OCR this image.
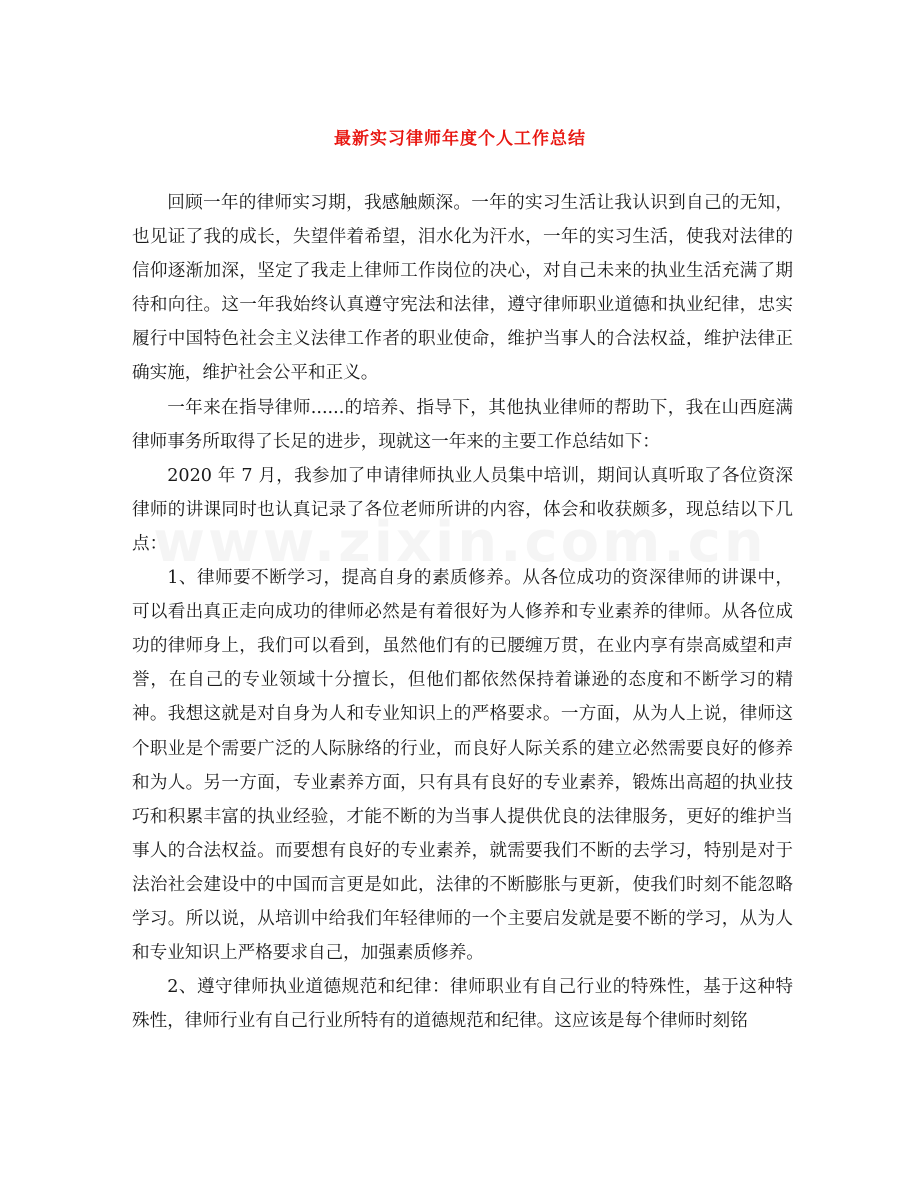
最新实习律师年度个人工作总结

回顾一年的律师实习期，我感触颇深。一年的实习生活让我认识到自己的无知，也见证了我的成长，失望伴着希望，泪水化为汗水，一年的实习生活，使我对法律的信仰逐渐加深，坚定了我走上律师工作岗位的决心，对自己未来的执业生活充满了期待和向往。这一年我始终认真遵守宪法和法律，遵守律师职业道德和执业纪律，忠实履行中国特色社会主义法律工作者的职业使命，维护当事人的合法权益，维护法律正确实施，维护社会公平和正义。

一年来在指导律师......的培养、指导下，其他执业律师的帮助下，我在山西庭满律师事务所取得了长足的进步，现就这一年来的主要工作总结如下：

2020 年 7 月，我参加了申请律师执业人员集中培训，期间认真听取了各位资深律师的讲课同时也认真记录了各位老师所讲的内容，体会和收获颇多，现总结以下几点：

1、律师要不断学习，提高自身的素质修养。从各位成功的资深律师的讲课中，可以看出真正走向成功的律师必然是有着很好为人修养和专业素养的律师。从各位成功的律师身上，我们可以看到，虽然他们有的已腰缠万贯，在业内享有崇高威望和声誉，在自己的专业领域十分擅长，但他们都依然保持着谦逊的态度和不断学习的精神。我想这就是对自身为人和专业知识上的严格要求。一方面，从为人上说，律师这个职业是个需要广泛的人际脉络的行业，而良好人际关系的建立必然需要良好的修养和为人。另一方面，专业素养方面，只有具有良好的专业素养，锻炼出高超的执业技巧和积累丰富的执业经验，才能不断的为当事人提供优良的法律服务，更好的维护当事人的合法权益。而要想有良好的专业素养，就需要我们不断的去学习，特别是对于法治社会建设中的中国而言更是如此，法律的不断膨胀与更新，使我们时刻不能忽略学习。所以说，从培训中给我们年轻律师的一个主要启发就是要不断的学习，从为人和专业知识上严格要求自己，加强素质修养。

2、遵守律师执业道德规范和纪律：律师职业有自己行业的特殊性，基于这种特殊性，律师行业有自己行业所特有的道德规范和纪律。这应该是每个律师时刻铭
